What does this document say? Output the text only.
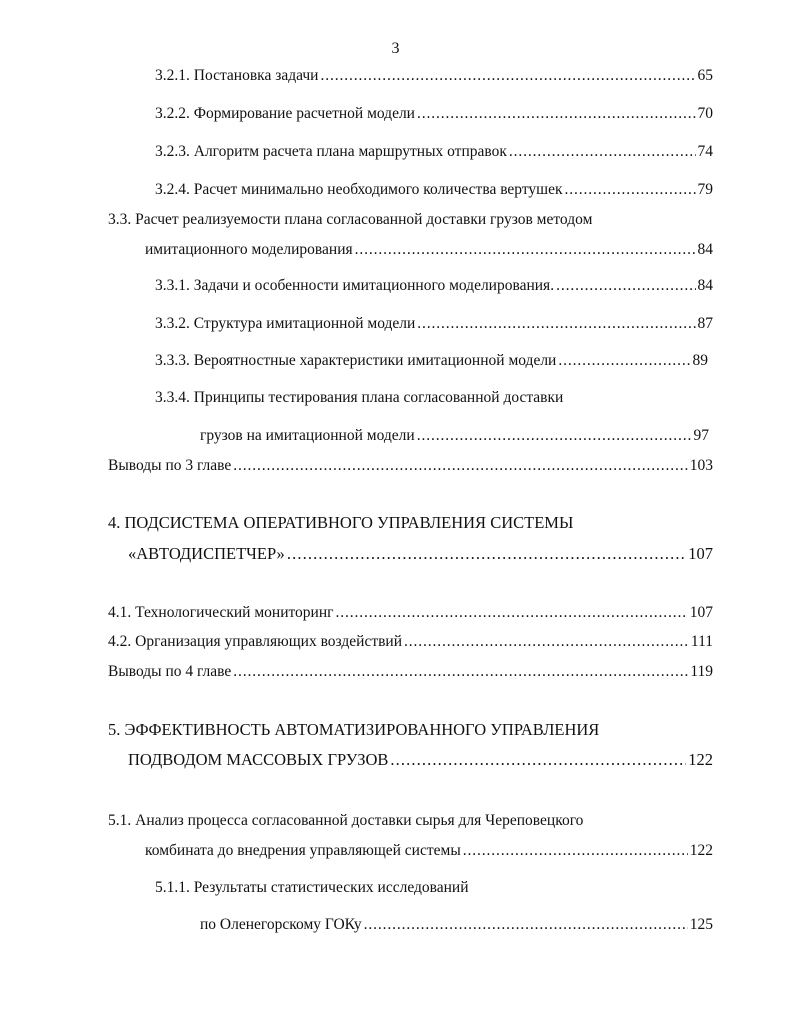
3
3.2.1. Постановка задачи . . .	65
3.2.2. Формирование расчетной модели . . .	70
3.2.3. Алгоритм расчета плана маршрутных отправок . . .	74
3.2.4. Расчет минимально необходимого количества вертушек . . .	79
3.3. Расчет реализуемости плана согласованной доставки грузов методом
имитационного моделирования . . .	84
3.3.1. Задачи и особенности имитационного моделирования. . . .	84
3.3.2. Структура имитационной модели . . .	87
3.3.3. Вероятностные характеристики имитационной модели . . .	89
3.3.4. Принципы тестирования плана согласованной доставки
грузов на имитационной модели . . .	97
Выводы по 3 главе . . .	103
4. ПОДСИСТЕМА ОПЕРАТИВНОГО УПРАВЛЕНИЯ СИСТЕМЫ
«АВТОДИСПЕТЧЕР» . . .	107
4.1. Технологический мониторинг . . .	107
4.2. Организация управляющих воздействий . . .	111
Выводы по 4 главе . . .	119
5. ЭФФЕКТИВНОСТЬ АВТОМАТИЗИРОВАННОГО УПРАВЛЕНИЯ
ПОДВОДОМ МАССОВЫХ ГРУЗОВ . . .	122
5.1. Анализ процесса согласованной доставки сырья для Череповецкого
комбината до внедрения управляющей системы . . .	122
5.1.1. Результаты статистических исследований
по Оленегорскому ГОКу . . .	125
